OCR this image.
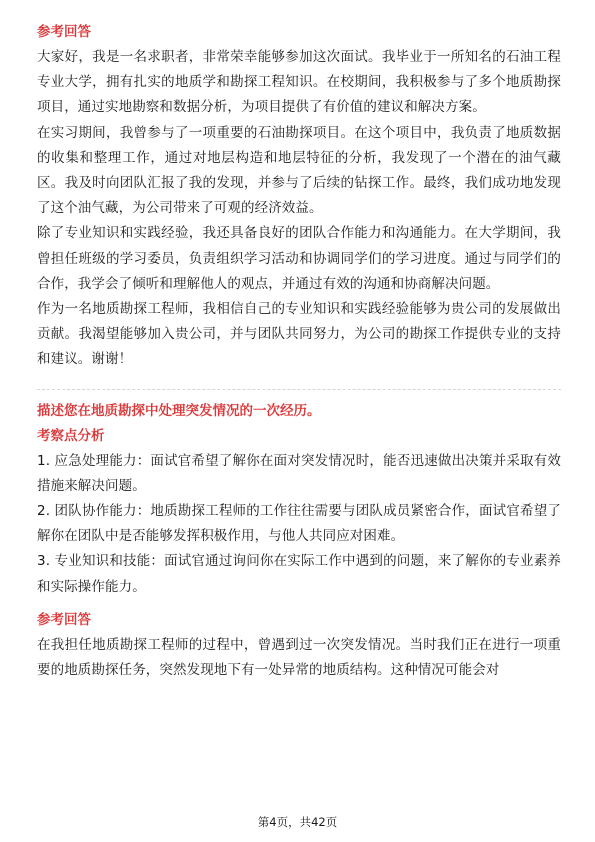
参考回答

大家好，我是一名求职者，非常荣幸能够参加这次面试。我毕业于一所知名的石油工程专业大学，拥有扎实的地质学和勘探工程知识。在校期间，我积极参与了多个地质勘探项目，通过实地勘察和数据分析，为项目提供了有价值的建议和解决方案。

在实习期间，我曾参与了一项重要的石油勘探项目。在这个项目中，我负责了地质数据的收集和整理工作，通过对地层构造和地层特征的分析，我发现了一个潜在的油气藏区。我及时向团队汇报了我的发现，并参与了后续的钻探工作。最终，我们成功地发现了这个油气藏，为公司带来了可观的经济效益。

除了专业知识和实践经验，我还具备良好的团队合作能力和沟通能力。在大学期间，我曾担任班级的学习委员，负责组织学习活动和协调同学们的学习进度。通过与同学们的合作，我学会了倾听和理解他人的观点，并通过有效的沟通和协商解决问题。

作为一名地质勘探工程师，我相信自己的专业知识和实践经验能够为贵公司的发展做出贡献。我渴望能够加入贵公司，并与团队共同努力，为公司的勘探工作提供专业的支持和建议。谢谢！

描述您在地质勘探中处理突发情况的一次经历。
考察点分析

1. 应急处理能力：面试官希望了解你在面对突发情况时，能否迅速做出决策并采取有效措施来解决问题。

2. 团队协作能力：地质勘探工程师的工作往往需要与团队成员紧密合作，面试官希望了解你在团队中是否能够发挥积极作用，与他人共同应对困难。

3. 专业知识和技能：面试官通过询问你在实际工作中遇到的问题，来了解你的专业素养和实际操作能力。

参考回答

在我担任地质勘探工程师的过程中，曾遇到过一次突发情况。当时我们正在进行一项重要的地质勘探任务，突然发现地下有一处异常的地质结构。这种情况可能会对

第4页，共42页
